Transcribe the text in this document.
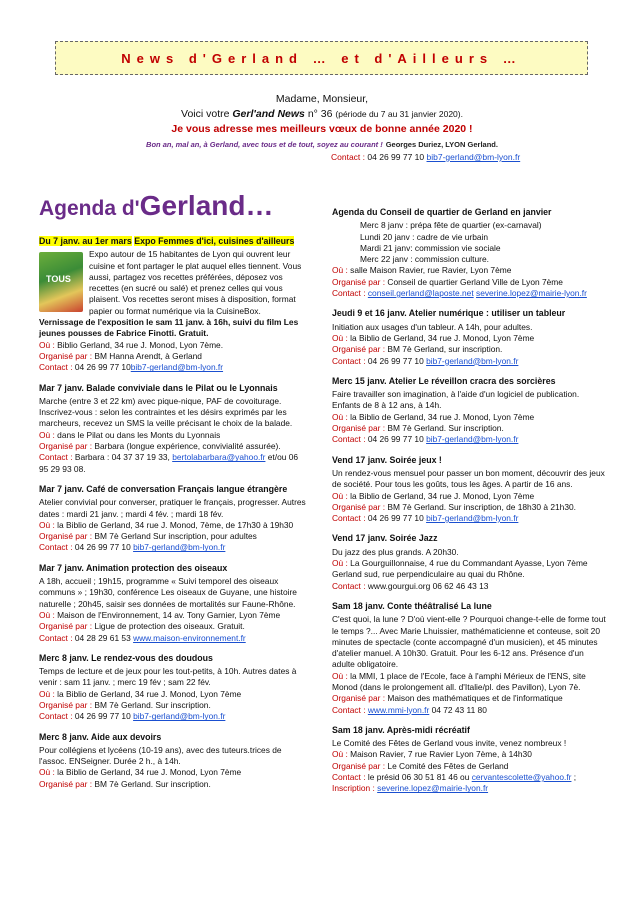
News d'Gerland … et d'Ailleurs …
Madame, Monsieur,
Voici votre Gerl'and News n° 36 (période du 7 au 31 janvier 2020).
Je vous adresse mes meilleurs vœux de bonne année 2020 !
Bon an, mal an, à Gerland, avec tous et de tout, soyez au courant ! Georges Duriez, LYON Gerland.
Contact : 04 26 99 77 10 bib7-gerland@bm-lyon.fr
Agenda d'Gerland…
Du 7 janv. au 1er mars Expo Femmes d'ici, cuisines d'ailleurs
TOUS
Expo autour de 15 habitantes de Lyon qui ouvrent leur cuisine et font partager le plat auquel elles tiennent. Vous aussi, partagez vos recettes préférées, déposez vos recettes (en sucré ou salé) et prenez celles qui vous plaisent. Vos recettes seront mises à disposition, format papier ou format numérique via la CuisineBox.
Vernissage de l'exposition le sam 11 janv. à 16h, suivi du film Les jeunes pousses de Fabrice Finotti. Gratuit.
Où : Biblio Gerland, 34 rue J. Monod, Lyon 7ème.
Organisé par : BM Hanna Arendt, à Gerland
Contact : 04 26 99 77 10bib7-gerland@bm-lyon.fr
Mar 7 janv. Balade conviviale dans le Pilat ou le Lyonnais
Marche (entre 3 et 22 km) avec pique-nique, PAF de covoiturage. Inscrivez-vous : selon les contraintes et les désirs exprimés par les marcheurs, recevez un SMS la veille précisant le choix de la balade.
Où : dans le Pilat ou dans les Monts du Lyonnais
Organisé par : Barbara (longue expérience, convivialité assurée).
Contact : Barbara : 04 37 37 19 33, bertolabarbara@yahoo.fr et/ou 06 95 29 93 08.
Mar 7 janv. Café de conversation Français langue étrangère
Atelier convivial pour converser, pratiquer le français, progresser. Autres dates : mardi 21 janv. ; mardi 4 fév. ; mardi 18 fév.
Où : la Biblio de Gerland, 34 rue J. Monod, 7ème, de 17h30 à 19h30
Organisé par : BM 7è Gerland Sur inscription, pour adultes
Contact : 04 26 99 77 10 bib7-gerland@bm-lyon.fr
Mar 7 janv. Animation protection des oiseaux
A 18h, accueil ; 19h15, programme « Suivi temporel des oiseaux communs » ; 19h30, conférence Les oiseaux de Guyane, une histoire naturelle ; 20h45, saisir ses données de mortalités sur Faune-Rhône.
Où : Maison de l'Environnement, 14 av. Tony Garnier, Lyon 7ème
Organisé par : Ligue de protection des oiseaux. Gratuit.
Contact : 04 28 29 61 53 www.maison-environnement.fr
Merc 8 janv. Le rendez-vous des doudous
Temps de lecture et de jeux pour les tout-petits, à 10h. Autres dates à venir : sam 11 janv. ; merc 19 fév ; sam 22 fév.
Où : la Biblio de Gerland, 34 rue J. Monod, Lyon 7ème
Organisé par : BM 7è Gerland. Sur inscription.
Contact : 04 26 99 77 10 bib7-gerland@bm-lyon.fr
Merc 8 janv. Aide aux devoirs
Pour collégiens et lycéens (10-19 ans), avec des tuteurs.trices de l'assoc. ENSeigner. Durée 2 h., à 14h.
Où : la Biblio de Gerland, 34 rue J. Monod, Lyon 7ème
Organisé par : BM 7è Gerland. Sur inscription.
Agenda du Conseil de quartier de Gerland en janvier
Merc 8 janv : prépa fête de quartier (ex-carnaval)
Lundi 20 janv : cadre de vie urbain
Mardi 21 janv: commission vie sociale
Merc 22 janv : commission culture.
Où : salle Maison Ravier, rue Ravier, Lyon 7ème
Organisé par : Conseil de quartier Gerland Ville de Lyon 7ème
Contact : conseil.gerland@laposte.net severine.lopez@mairie-lyon.fr
Jeudi 9 et 16 janv. Atelier numérique : utiliser un tableur
Initiation aux usages d'un tableur. A 14h, pour adultes.
Où : la Biblio de Gerland, 34 rue J. Monod, Lyon 7ème
Organisé par : BM 7è Gerland, sur inscription.
Contact : 04 26 99 77 10 bib7-gerland@bm-lyon.fr
Merc 15 janv. Atelier Le réveillon cracra des sorcières
Faire travailler son imagination, à l'aide d'un logiciel de publication. Enfants de 8 à 12 ans, à 14h.
Où : la Biblio de Gerland, 34 rue J. Monod, Lyon 7ème
Organisé par : BM 7è Gerland. Sur inscription.
Contact : 04 26 99 77 10 bib7-gerland@bm-lyon.fr
Vend 17 janv. Soirée jeux !
Un rendez-vous mensuel pour passer un bon moment, découvrir des jeux de société. Pour tous les goûts, tous les âges. A partir de 16 ans.
Où : la Biblio de Gerland, 34 rue J. Monod, Lyon 7ème
Organisé par : BM 7è Gerland. Sur inscription, de 18h30 à 21h30.
Contact : 04 26 99 77 10 bib7-gerland@bm-lyon.fr
Vend 17 janv. Soirée Jazz
Du jazz des plus grands. A 20h30.
Où : La Gourguillonnaise, 4 rue du Commandant Ayasse, Lyon 7ème Gerland sud, rue perpendiculaire au quai du Rhône.
Contact : www.gourgui.org 06 62 46 43 13
Sam 18 janv. Conte théâtralisé La lune
C'est quoi, la lune ? D'où vient-elle ? Pourquoi change-t-elle de forme tout le temps ?... Avec Marie Lhuissier, mathématicienne et conteuse, soit 20 minutes de spectacle (conte accompagné d'un musicien), et 45 minutes d'atelier manuel. A 10h30. Gratuit. Pour les 6-12 ans. Présence d'un adulte obligatoire.
Où : la MMI, 1 place de l'Ecole, face à l'amphi Mérieux de l'ENS, site Monod (dans le prolongement all. d'Italie/pl. des Pavillon), Lyon 7è.
Organisé par : Maison des mathématiques et de l'informatique
Contact : www.mmi-lyon.fr 04 72 43 11 80
Sam 18 janv. Après-midi récréatif
Le Comité des Fêtes de Gerland vous invite, venez nombreux !
Où : Maison Ravier, 7 rue Ravier Lyon 7ème, à 14h30
Organisé par : Le Comité des Fêtes de Gerland
Contact : le présid 06 30 51 81 46 ou cervantescolette@yahoo.fr ;
Inscription : severine.lopez@mairie-lyon.fr
